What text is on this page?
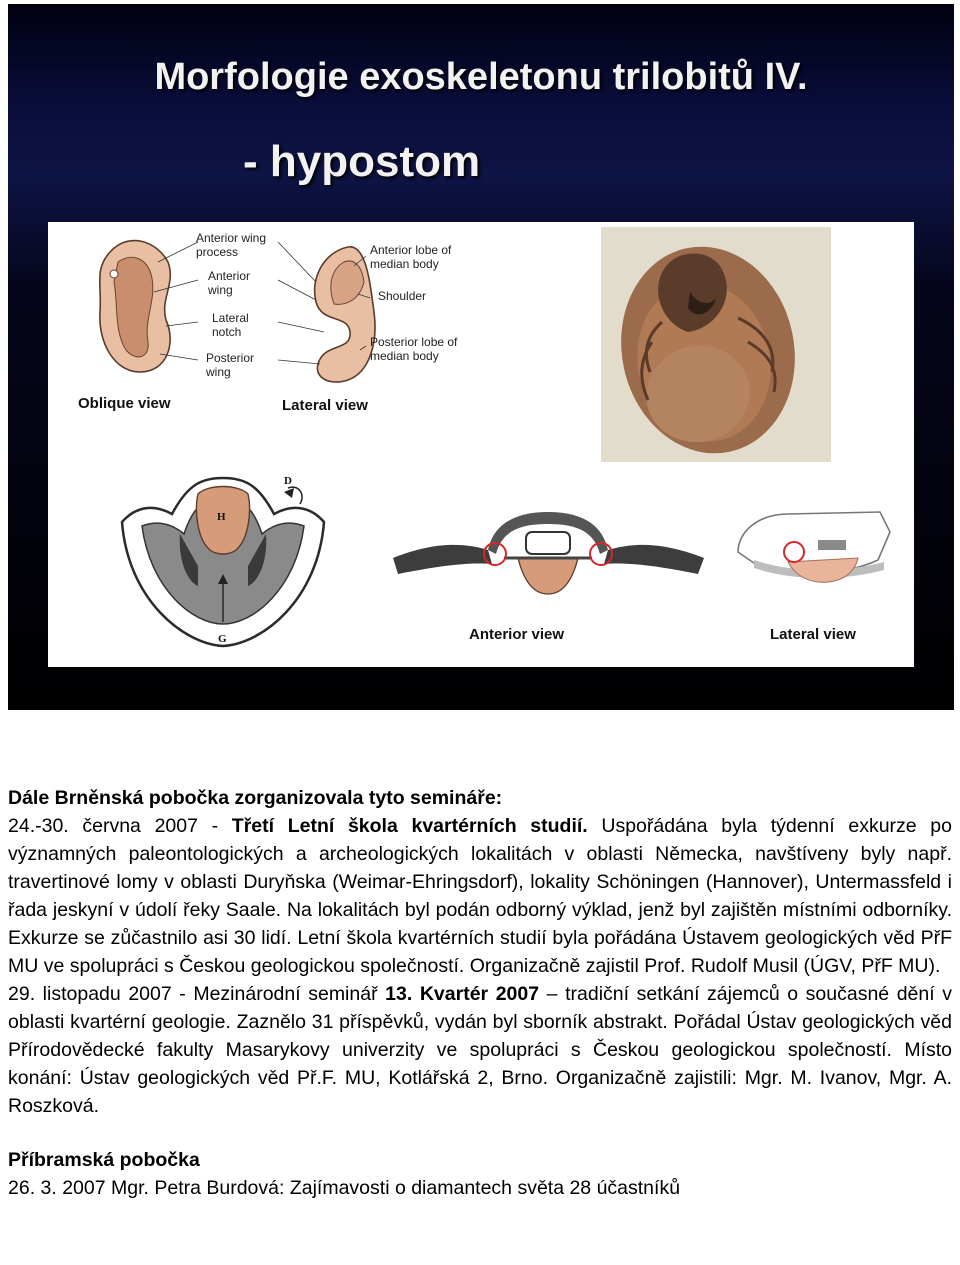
Morfologie exoskeletonu trilobitů IV.
- hypostom
Anterior wing process
Anterior wing
Lateral notch
Posterior wing
Anterior lobe of median body
Shoulder
Posterior lobe of median body
Oblique view	Lateral view
H
D
G	Anterior view	Lateral view

Dále Brněnská pobočka zorganizovala tyto semináře:

24.-30. června 2007 - Třetí Letní škola kvartérních studií. Uspořádána byla týdenní exkurze po významných paleontologických a archeologických lokalitách v oblasti Německa, navštíveny byly např. travertinové lomy v oblasti Duryňska (Weimar-Ehringsdorf), lokality Schöningen (Hannover), Untermassfeld i řada jeskyní v údolí řeky Saale. Na lokalitách byl podán odborný výklad, jenž byl zajištěn místními odborníky. Exkurze se zůčastnilo asi 30 lidí. Letní škola kvartérních studií byla pořádána Ústavem geologických věd PřF MU ve spolupráci s Českou geologickou společností. Organizačně zajistil Prof. Rudolf Musil (ÚGV, PřF MU).

29. listopadu 2007 - Mezinárodní seminář 13. Kvartér 2007 – tradiční setkání zájemců o současné dění v oblasti kvartérní geologie. Zaznělo 31 příspěvků, vydán byl sborník abstrakt. Pořádal Ústav geologických věd Přírodovědecké fakulty Masarykovy univerzity ve spolupráci s Českou geologickou společností. Místo konání: Ústav geologických věd Př.F. MU, Kotlářská 2, Brno. Organizačně zajistili: Mgr. M. Ivanov, Mgr. A. Roszková.

Příbramská pobočka

26. 3. 2007 Mgr. Petra Burdová: Zajímavosti o diamantech světa 28 účastníků
